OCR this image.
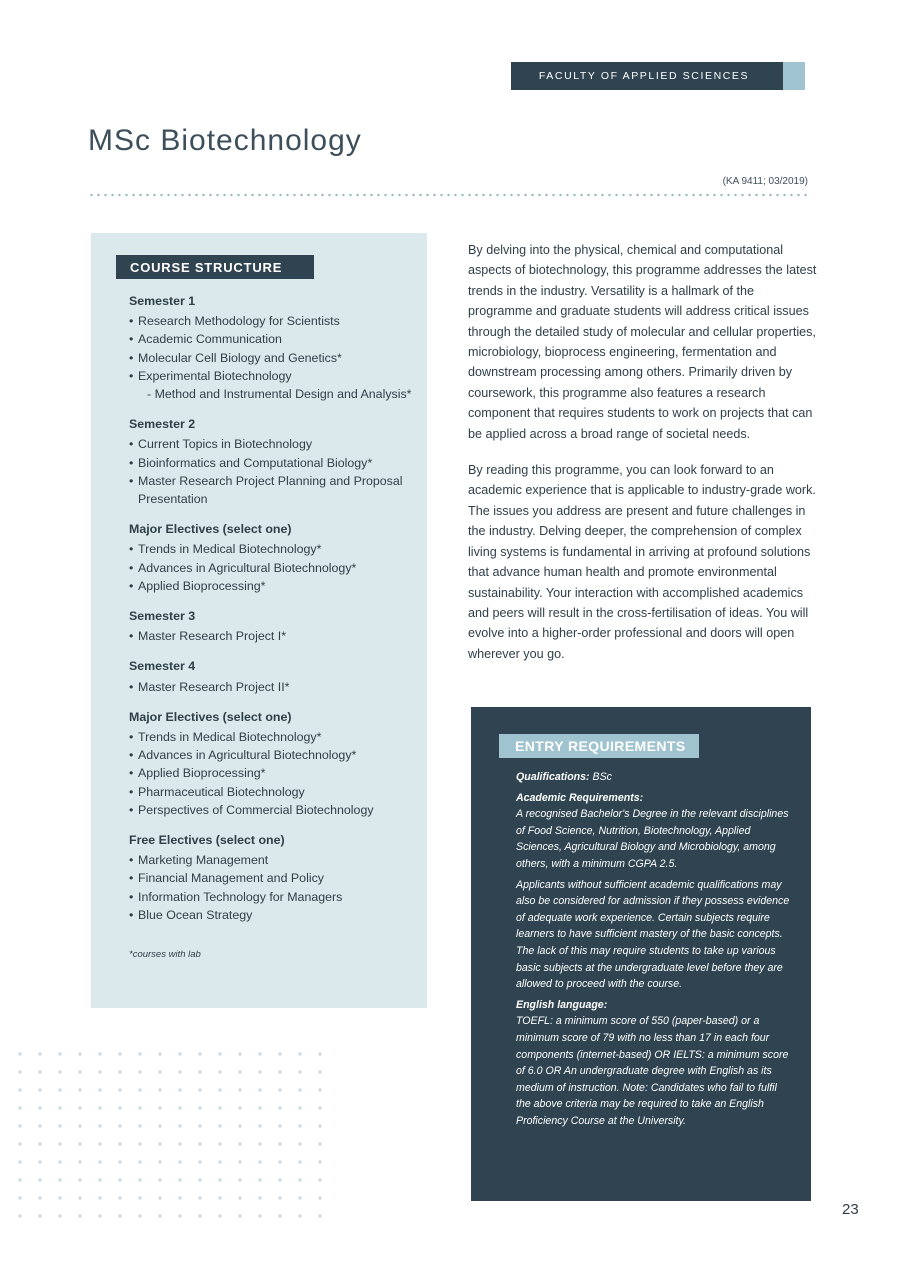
FACULTY OF APPLIED SCIENCES
MSc Biotechnology
(KA 9411; 03/2019)
COURSE STRUCTURE
Semester 1
• Research Methodology for Scientists
• Academic Communication
• Molecular Cell Biology and Genetics*
• Experimental Biotechnology
- Method and Instrumental Design and Analysis*
Semester 2
• Current Topics in Biotechnology
• Bioinformatics and Computational Biology*
• Master Research Project Planning and Proposal Presentation
Major Electives (select one)
• Trends in Medical Biotechnology*
• Advances in Agricultural Biotechnology*
• Applied Bioprocessing*
Semester 3
• Master Research Project I*
Semester 4
• Master Research Project II*
Major Electives (select one)
• Trends in Medical Biotechnology*
• Advances in Agricultural Biotechnology*
• Applied Bioprocessing*
• Pharmaceutical Biotechnology
• Perspectives of Commercial Biotechnology
Free Electives (select one)
• Marketing Management
• Financial Management and Policy
• Information Technology for Managers
• Blue Ocean Strategy
*courses with lab

By delving into the physical, chemical and computational aspects of biotechnology, this programme addresses the latest trends in the industry. Versatility is a hallmark of the programme and graduate students will address critical issues through the detailed study of molecular and cellular properties, microbiology, bioprocess engineering, fermentation and downstream processing among others. Primarily driven by coursework, this programme also features a research component that requires students to work on projects that can be applied across a broad range of societal needs.

By reading this programme, you can look forward to an academic experience that is applicable to industry-grade work. The issues you address are present and future challenges in the industry. Delving deeper, the comprehension of complex living systems is fundamental in arriving at profound solutions that advance human health and promote environmental sustainability. Your interaction with accomplished academics and peers will result in the cross-fertilisation of ideas. You will evolve into a higher-order professional and doors will open wherever you go.

ENTRY REQUIREMENTS
Qualifications: BSc
Academic Requirements:
A recognised Bachelor's Degree in the relevant disciplines of Food Science, Nutrition, Biotechnology, Applied Sciences, Agricultural Biology and Microbiology, among others, with a minimum CGPA 2.5.
Applicants without sufficient academic qualifications may also be considered for admission if they possess evidence of adequate work experience. Certain subjects require learners to have sufficient mastery of the basic concepts. The lack of this may require students to take up various basic subjects at the undergraduate level before they are allowed to proceed with the course.
English language:
TOEFL: a minimum score of 550 (paper-based) or a minimum score of 79 with no less than 17 in each four components (internet-based) OR IELTS: a minimum score of 6.0 OR An undergraduate degree with English as its medium of instruction. Note: Candidates who fail to fulfil the above criteria may be required to take an English Proficiency Course at the University.
23
